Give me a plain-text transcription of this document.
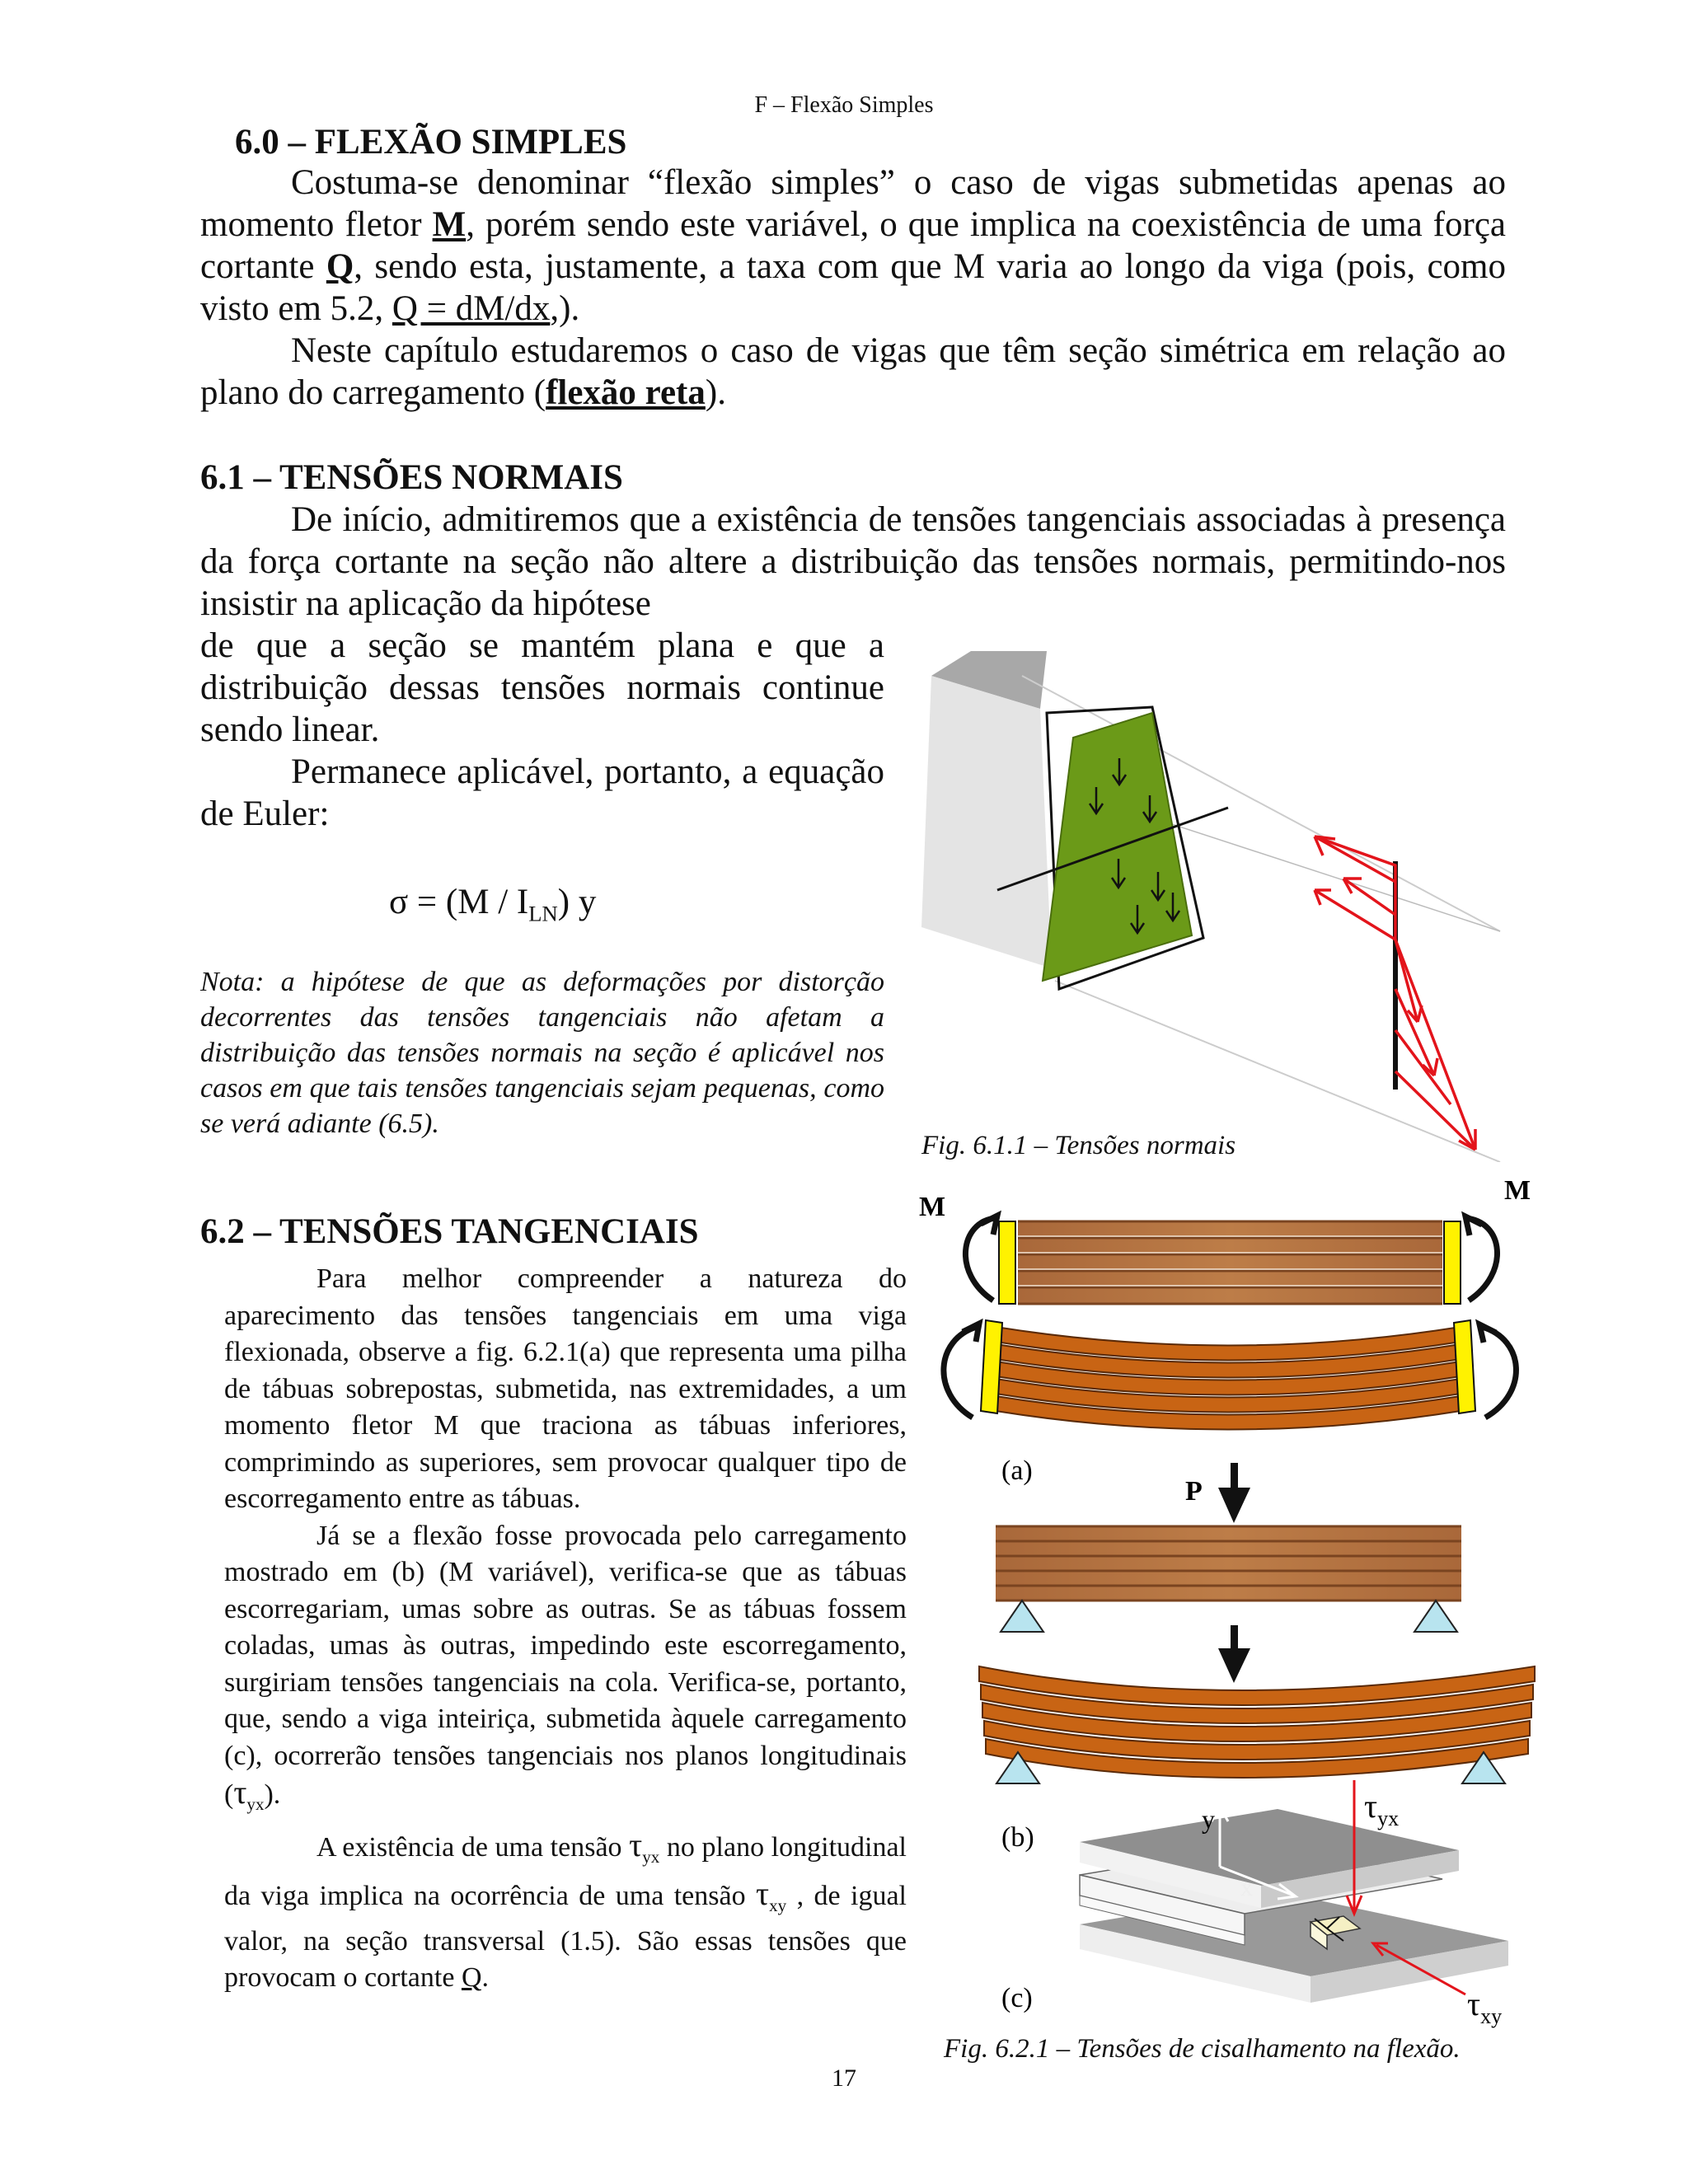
F – Flexão Simples
6.0 – FLEXÃO SIMPLES

Costuma-se denominar “flexão simples” o caso de vigas submetidas apenas ao momento fletor M, porém sendo este variável, o que implica na coexistência de uma força cortante Q, sendo esta, justamente, a taxa com que M varia ao longo da viga (pois, como visto em 5.2, Q = dM/dx,).

Neste capítulo estudaremos o caso de vigas que têm seção simétrica em relação ao plano do carregamento (flexão reta).

6.1 – TENSÕES NORMAIS

De início, admitiremos que a existência de tensões tangenciais associadas à presença da força cortante na seção não altere a distribuição das tensões normais, permitindo-nos insistir na aplicação da hipótese

de que a seção se mantém plana e que a distribuição dessas tensões normais continue sendo linear.

Permanece aplicável, portanto, a equação de Euler:

$\sigma = (M / I_{LN})$ y

Nota: a hipótese de que as deformações por distorção decorrentes das tensões tangenciais não afetam a distribuição das tensões normais na seção é aplicável nos casos em que tais tensões tangenciais sejam pequenas, como se verá adiante (6.5).

Fig. 6.1.1 – Tensões normais
6.2 – TENSÕES TANGENCIAIS

Para melhor compreender a natureza do aparecimento das tensões tangenciais em uma viga flexionada, observe a fig. 6.2.1(a) que representa uma pilha de tábuas sobrepostas, submetida, nas extremidades, a um momento fletor M que traciona as tábuas inferiores, comprimindo as superiores, sem provocar qualquer tipo de escorregamento entre as tábuas.

Já se a flexão fosse provocada pelo carregamento mostrado em (b) (M variável), verifica-se que as tábuas escorregariam, umas sobre as outras. Se as tábuas fossem coladas, umas às outras, impedindo este escorregamento, surgiriam tensões tangenciais na cola. Verifica-se, portanto, que, sendo a viga inteiriça, submetida àquele carregamento (c), ocorrerão tensões tangenciais nos planos longitudinais $(\tau_{yx})$.

A existência de uma tensão $\tau_{yx}$ no plano longitudinal da viga implica na ocorrência de uma tensão $\tau_{xy}$ , de igual valor, na seção transversal (1.5). São essas tensões que provocam o cortante Q.

M
M
(a)
P
(b)
y
x
$\tau_{yx}$
$\tau_{xy}$
(c)
Fig. 6.2.1 – Tensões de cisalhamento na flexão.
17
